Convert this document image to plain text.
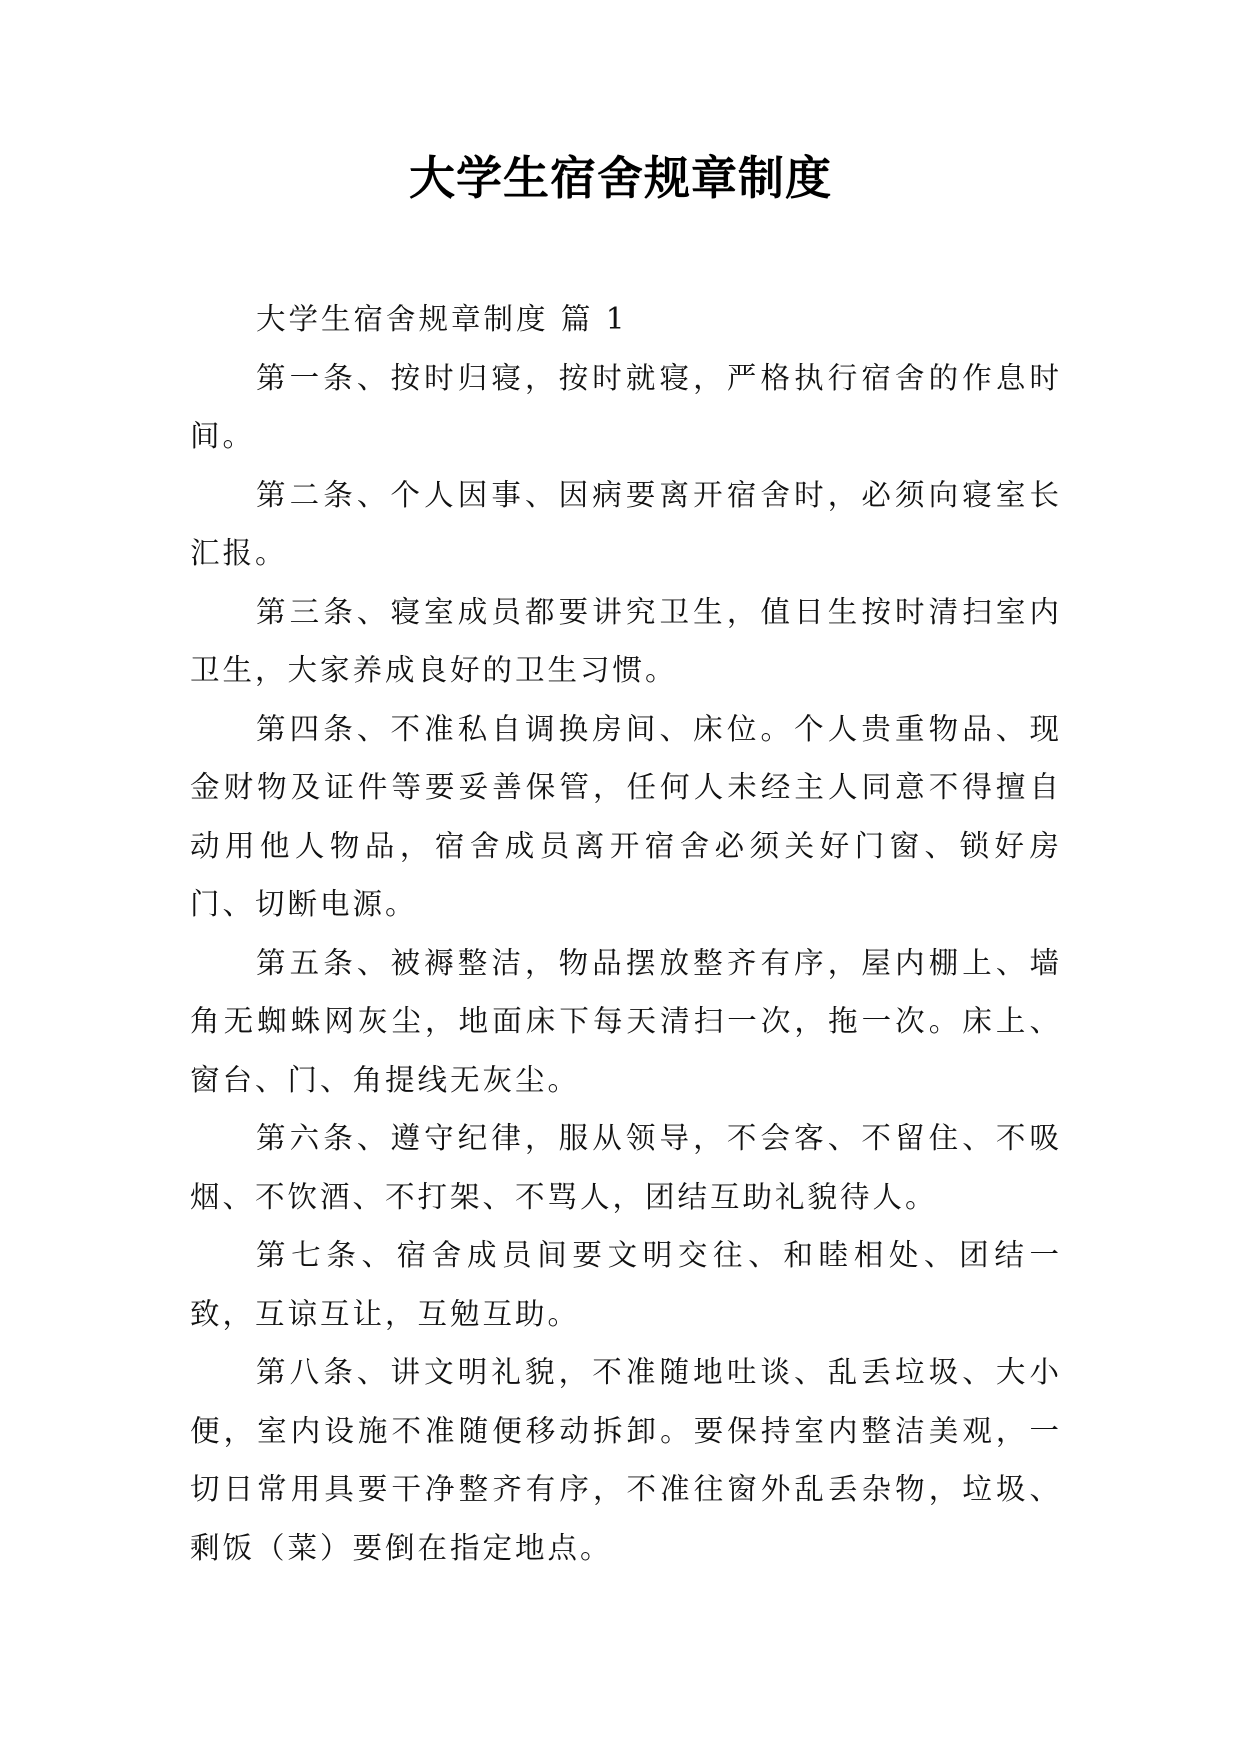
大学生宿舍规章制度

大学生宿舍规章制度 篇 1

第一条、按时归寝，按时就寝，严格执行宿舍的作息时间。

第二条、个人因事、因病要离开宿舍时，必须向寝室长汇报。

第三条、寝室成员都要讲究卫生，值日生按时清扫室内卫生，大家养成良好的卫生习惯。

第四条、不准私自调换房间、床位。个人贵重物品、现金财物及证件等要妥善保管，任何人未经主人同意不得擅自动用他人物品，宿舍成员离开宿舍必须关好门窗、锁好房门、切断电源。

第五条、被褥整洁，物品摆放整齐有序，屋内棚上、墙角无蜘蛛网灰尘，地面床下每天清扫一次，拖一次。床上、窗台、门、角提线无灰尘。

第六条、遵守纪律，服从领导，不会客、不留住、不吸烟、不饮酒、不打架、不骂人，团结互助礼貌待人。

第七条、宿舍成员间要文明交往、和睦相处、团结一致，互谅互让，互勉互助。

第八条、讲文明礼貌，不准随地吐谈、乱丢垃圾、大小便，室内设施不准随便移动拆卸。要保持室内整洁美观，一切日常用具要干净整齐有序，不准往窗外乱丢杂物，垃圾、剩饭（菜）要倒在指定地点。
